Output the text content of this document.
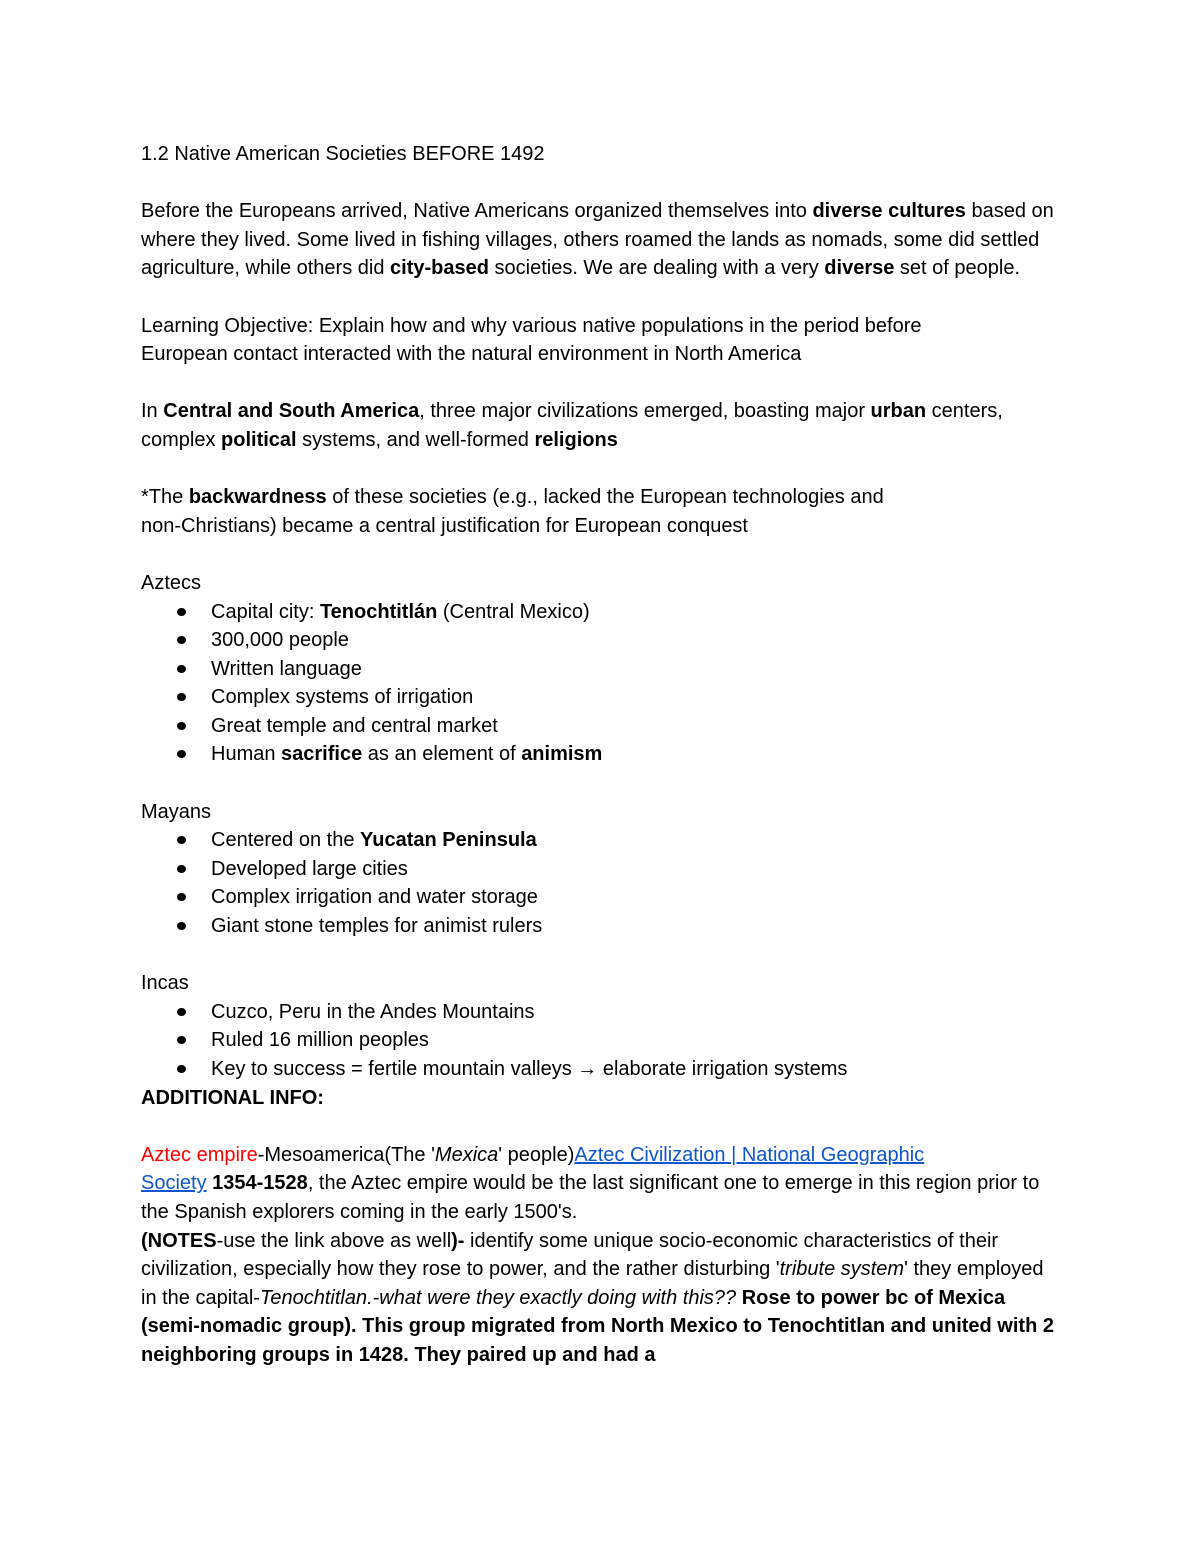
1.2 Native American Societies BEFORE 1492

Before the Europeans arrived, Native Americans organized themselves into diverse cultures based on where they lived. Some lived in fishing villages, others roamed the lands as nomads, some did settled agriculture, while others did city-based societies. We are dealing with a very diverse set of people.

Learning Objective: Explain how and why various native populations in the period before
European contact interacted with the natural environment in North America

In Central and South America, three major civilizations emerged, boasting major urban centers, complex political systems, and well-formed religions

*The backwardness of these societies (e.g., lacked the European technologies and
non-Christians) became a central justification for European conquest

Aztecs

Capital city: Tenochtitlán (Central Mexico)
300,000 people
Written language
Complex systems of irrigation
Great temple and central market
Human sacrifice as an element of animism

Mayans

Centered on the Yucatan Peninsula
Developed large cities
Complex irrigation and water storage
Giant stone temples for animist rulers

Incas

Cuzco, Peru in the Andes Mountains
Ruled 16 million peoples
Key to success = fertile mountain valleys → elaborate irrigation systems

ADDITIONAL INFO:

Aztec empire-Mesoamerica(The 'Mexica' people)Aztec Civilization | National Geographic
Society 1354-1528, the Aztec empire would be the last significant one to emerge in this region prior to the Spanish explorers coming in the early 1500's.

(NOTES-use the link above as well)- identify some unique socio-economic characteristics of their civilization, especially how they rose to power, and the rather disturbing 'tribute system' they employed in the capital-Tenochtitlan.-what were they exactly doing with this?? Rose to power bc of Mexica (semi-nomadic group). This group migrated from North Mexico to Tenochtitlan and united with 2 neighboring groups in 1428. They paired up and had a
